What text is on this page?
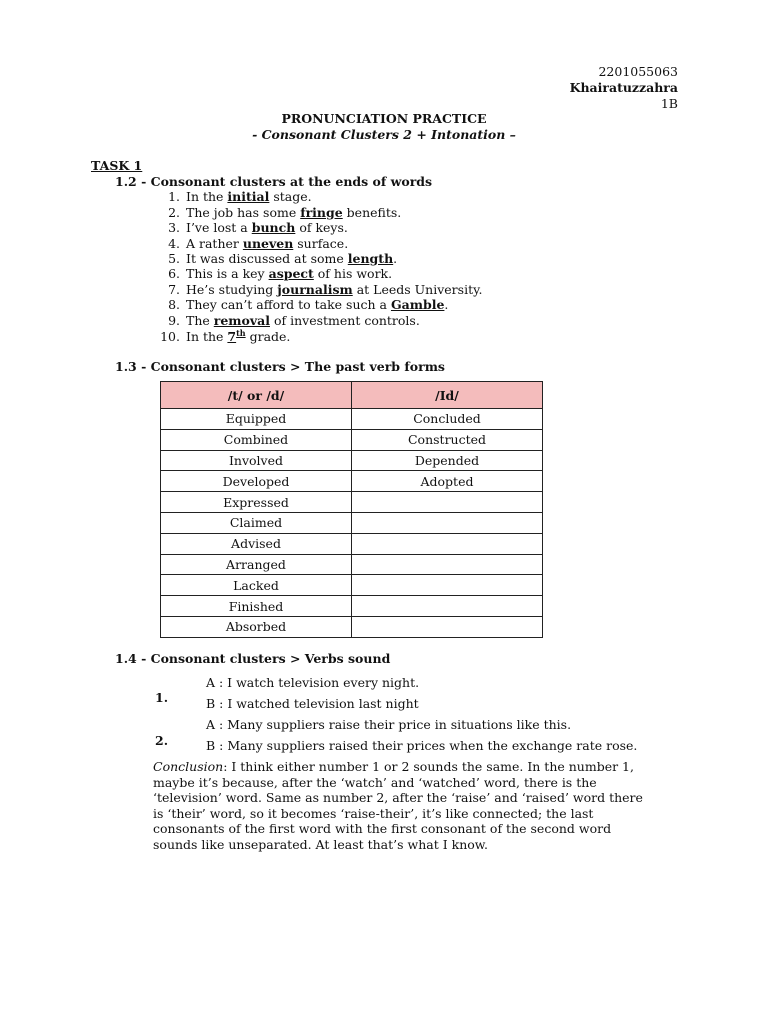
2201055063
Khairatuzzahra
1B
PRONUNCIATION PRACTICE
- Consonant Clusters 2 + Intonation –
TASK 1
1.2 - Consonant clusters at the ends of words
1. In the initial stage.
2. The job has some fringe benefits.
3. I’ve lost a bunch of keys.
4. A rather uneven surface.
5. It was discussed at some length.
6. This is a key aspect of his work.
7. He’s studying journalism at Leeds University.
8. They can’t afford to take such a Gamble.
9. The removal of investment controls.
10. In the 7th grade.
1.3 - Consonant clusters > The past verb forms
/t/ or /d/	/Id/
Equipped	Concluded
Combined	Constructed
Involved	Depended
Developed	Adopted
Expressed	
Claimed	
Advised	
Arranged	
Lacked	
Finished	
Absorbed	
1.4 - Consonant clusters > Verbs sound
1.
A : I watch television every night.
B : I watched television last night
2.
A : Many suppliers raise their price in situations like this.
B : Many suppliers raised their prices when the exchange rate rose.
Conclusion: I think either number 1 or 2 sounds the same. In the number 1, maybe it’s because, after the ‘watch’ and ‘watched’ word, there is the ‘television’ word. Same as number 2, after the ‘raise’ and ‘raised’ word there is ‘their’ word, so it becomes ‘raise-their’, it’s like connected; the last consonants of the first word with the first consonant of the second word sounds like unseparated. At least that’s what I know.
